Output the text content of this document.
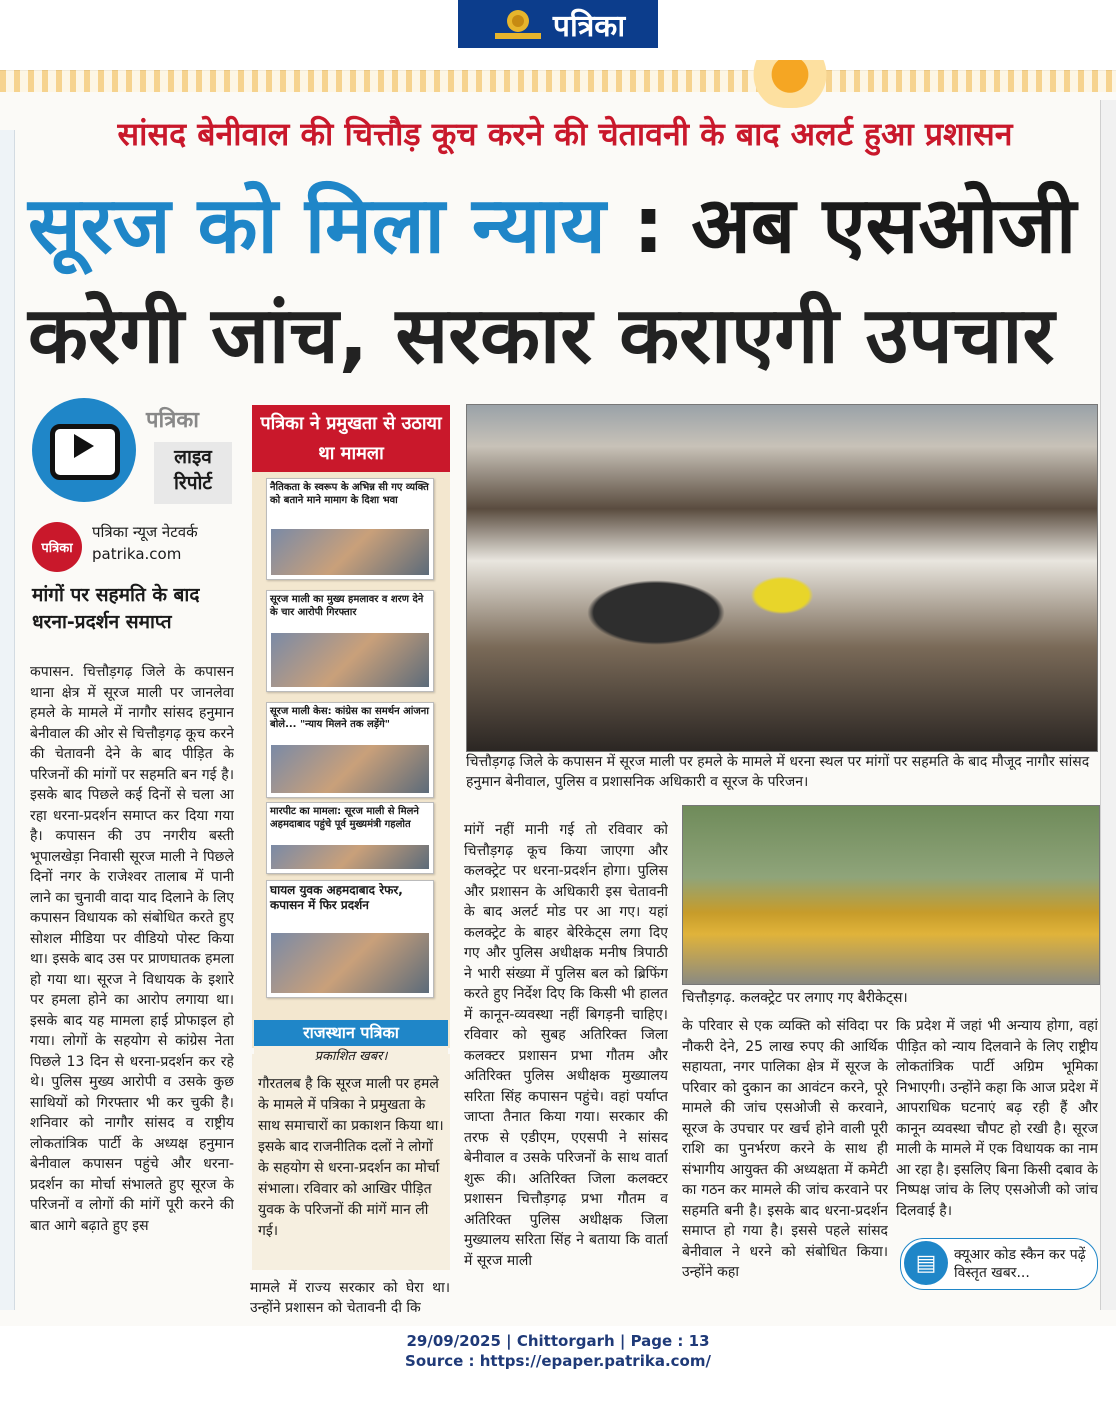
पत्रिका
सांसद बेनीवाल की चित्तौड़ कूच करने की चेतावनी के बाद अलर्ट हुआ प्रशासन
सूरज को मिला न्याय : अब एसओजी
करेगी जांच, सरकार कराएगी उपचार
पत्रिका
लाइव रिपोर्ट
पत्रिका
पत्रिका न्यूज नेटवर्क
patrika.com
मांगों पर सहमति के बाद धरना-प्रदर्शन समाप्त
कपासन. चित्तौड़गढ़ जिले के कपासन थाना क्षेत्र में सूरज माली पर जानलेवा हमले के मामले में नागौर सांसद हनुमान बेनीवाल की ओर से चित्तौड़गढ़ कूच करने की चेतावनी देने के बाद पीड़ित के परिजनों की मांगों पर सहमति बन गई है। इसके बाद पिछले कई दिनों से चला आ रहा धरना-प्रदर्शन समाप्त कर दिया गया है। कपासन की उप नगरीय बस्ती भूपालखेड़ा निवासी सूरज माली ने पिछले दिनों नगर के राजेश्वर तालाब में पानी लाने का चुनावी वादा याद दिलाने के लिए कपासन विधायक को संबोधित करते हुए सोशल मीडिया पर वीडियो पोस्ट किया था। इसके बाद उस पर प्राणघातक हमला हो गया था। सूरज ने विधायक के इशारे पर हमला होने का आरोप लगाया था। इसके बाद यह मामला हाई प्रोफाइल हो गया। लोगों के सहयोग से कांग्रेस नेता पिछले 13 दिन से धरना-प्रदर्शन कर रहे थे। पुलिस मुख्य आरोपी व उसके कुछ साथियों को गिरफ्तार भी कर चुकी है। शनिवार को नागौर सांसद व राष्ट्रीय लोकतांत्रिक पार्टी के अध्यक्ष हनुमान बेनीवाल कपासन पहुंचे और धरना-प्रदर्शन का मोर्चा संभालते हुए सूरज के परिजनों व लोगों की मांगें पूरी करने की बात आगे बढ़ाते हुए इस
पत्रिका ने प्रमुखता से उठाया था मामला
नैतिकता के स्वरूप के अभिन्न सी गए व्यक्ति को बताने माने मामाग के दिशा भवा
सूरज माली का मुख्य हमलावर व शरण देने के चार आरोपी गिरफ्तार
सूरज माली केस: कांग्रेस का समर्थन आंजना बोले... "न्याय मिलने तक लड़ेंगे"
मारपीट का मामला: सूरज माली से मिलने अहमदाबाद पहुंचे पूर्व मुख्यमंत्री गहलोत
घायल युवक अहमदाबाद रेफर, कपासन में फिर प्रदर्शन
राजस्थान पत्रिका
प्रकाशित खबर।
गौरतलब है कि सूरज माली पर हमले के मामले में पत्रिका ने प्रमुखता के साथ समाचारों का प्रकाशन किया था। इसके बाद राजनीतिक दलों ने लोगों के सहयोग से धरना-प्रदर्शन का मोर्चा संभाला। रविवार को आखिर पीड़ित युवक के परिजनों की मांगें मान ली गई।
मामले में राज्य सरकार को घेरा था। उन्होंने प्रशासन को चेतावनी दी कि
चित्तौड़गढ़ जिले के कपासन में सूरज माली पर हमले के मामले में धरना स्थल पर मांगों पर सहमति के बाद मौजूद नागौर सांसद हनुमान बेनीवाल, पुलिस व प्रशासनिक अधिकारी व सूरज के परिजन।
मांगें नहीं मानी गई तो रविवार को चित्तौड़गढ़ कूच किया जाएगा और कलक्ट्रेट पर धरना-प्रदर्शन होगा। पुलिस और प्रशासन के अधिकारी इस चेतावनी के बाद अलर्ट मोड पर आ गए। यहां कलक्ट्रेट के बाहर बेरिकेट्स लगा दिए गए और पुलिस अधीक्षक मनीष त्रिपाठी ने भारी संख्या में पुलिस बल को ब्रिफिंग करते हुए निर्देश दिए कि किसी भी हालत में कानून-व्यवस्था नहीं बिगड़नी चाहिए। रविवार को सुबह अतिरिक्त जिला कलक्टर प्रशासन प्रभा गौतम और अतिरिक्त पुलिस अधीक्षक मुख्यालय सरिता सिंह कपासन पहुंचे। वहां पर्याप्त जाप्ता तैनात किया गया। सरकार की तरफ से एडीएम, एएसपी ने सांसद बेनीवाल व उसके परिजनों के साथ वार्ता शुरू की। अतिरिक्त जिला कलक्टर प्रशासन चित्तौड़गढ़ प्रभा गौतम व अतिरिक्त पुलिस अधीक्षक जिला मुख्यालय सरिता सिंह ने बताया कि वार्ता में सूरज माली
चित्तौड़गढ़. कलक्ट्रेट पर लगाए गए बैरीकेट्स।
के परिवार से एक व्यक्ति को संविदा पर नौकरी देने, 25 लाख रुपए की आर्थिक सहायता, नगर पालिका क्षेत्र में सूरज के परिवार को दुकान का आवंटन करने, पूरे मामले की जांच एसओजी से करवाने, सूरज के उपचार पर खर्च होने वाली पूरी राशि का पुनर्भरण करने के साथ ही संभागीय आयुक्त की अध्यक्षता में कमेटी का गठन कर मामले की जांच करवाने पर सहमति बनी है। इसके बाद धरना-प्रदर्शन समाप्त हो गया है। इससे पहले सांसद बेनीवाल ने धरने को संबोधित किया। उन्होंने कहा
कि प्रदेश में जहां भी अन्याय होगा, वहां पीड़ित को न्याय दिलवाने के लिए राष्ट्रीय लोकतांत्रिक पार्टी अग्रिम भूमिका निभाएगी। उन्होंने कहा कि आज प्रदेश में आपराधिक घटनाएं बढ़ रही हैं और कानून व्यवस्था चौपट हो रखी है। सूरज माली के मामले में एक विधायक का नाम आ रहा है। इसलिए बिना किसी दबाव के निष्पक्ष जांच के लिए एसओजी को जांच दिलवाई है।
▤	क्यूआर कोड स्कैन कर पढ़ें विस्तृत खबर...
29/09/2025 | Chittorgarh | Page : 13
Source : https://epaper.patrika.com/
